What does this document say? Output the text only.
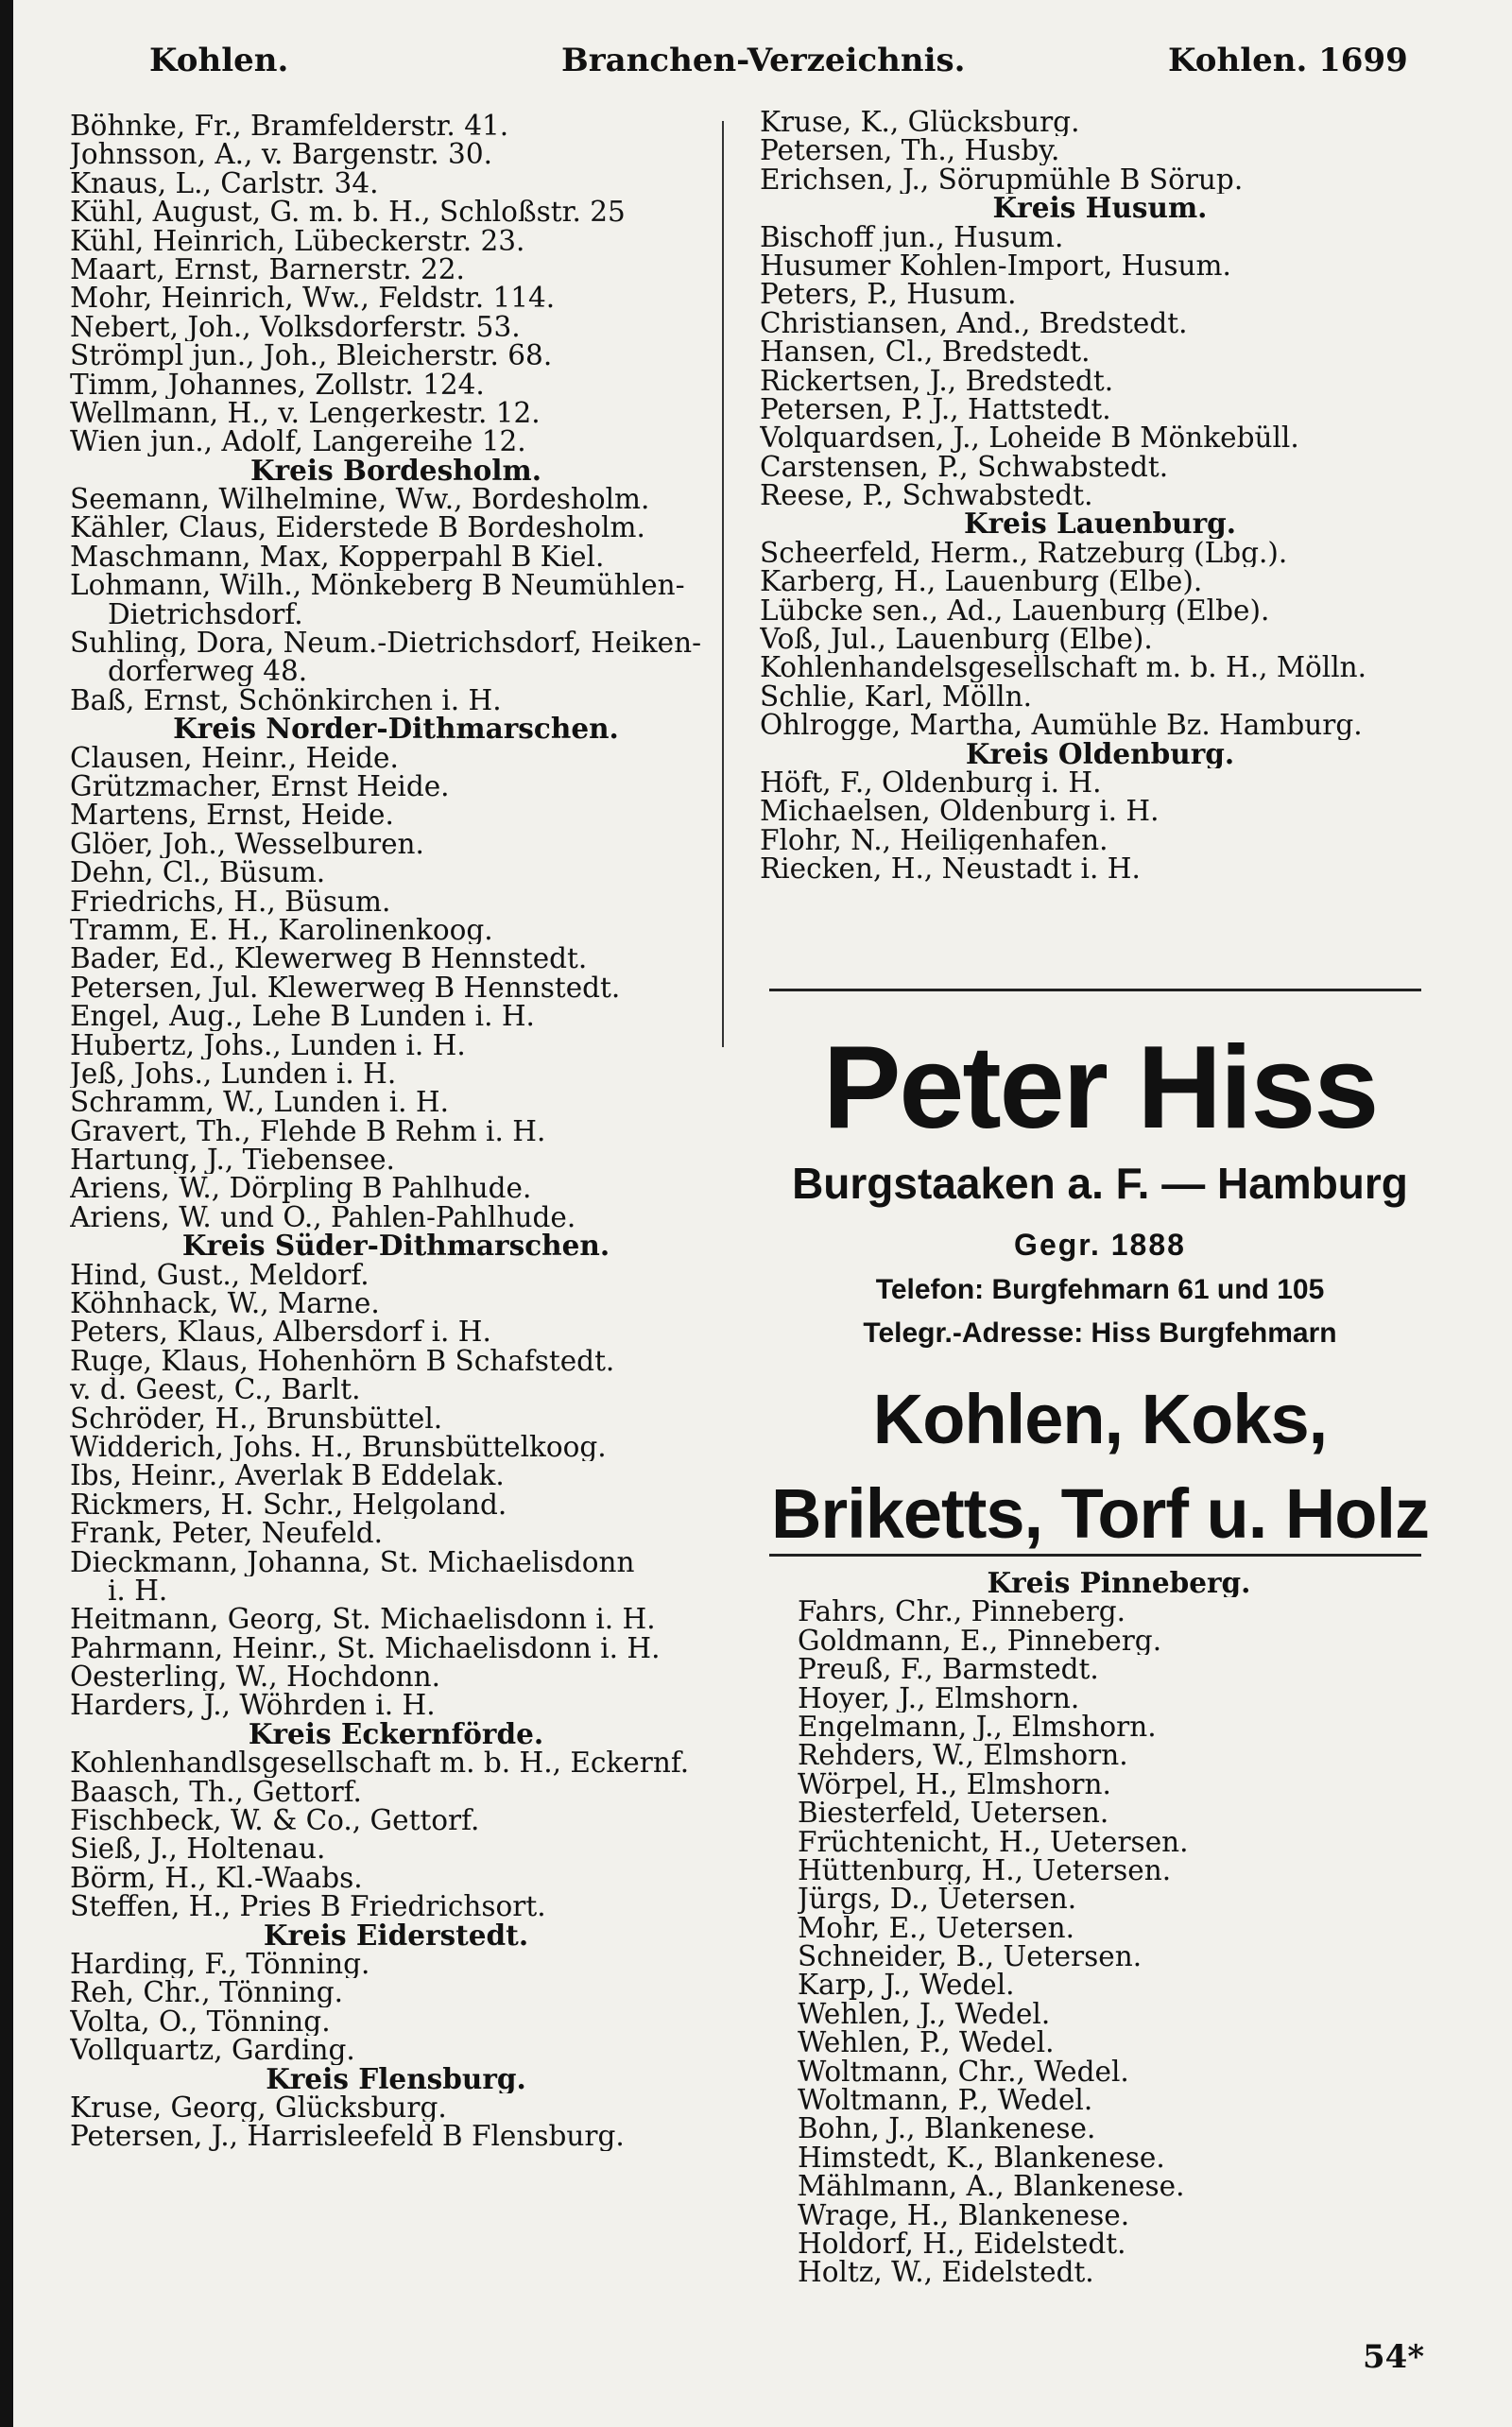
Kohlen.	Branchen-Verzeichnis.	Kohlen. 1699
Böhnke, Fr., Bramfelderstr. 41.
Johnsson, A., v. Bargenstr. 30.
Knaus, L., Carlstr. 34.
Kühl, August, G. m. b. H., Schloßstr. 25
Kühl, Heinrich, Lübeckerstr. 23.
Maart, Ernst, Barnerstr. 22.
Mohr, Heinrich, Ww., Feldstr. 114.
Nebert, Joh., Volksdorferstr. 53.
Strömpl jun., Joh., Bleicherstr. 68.
Timm, Johannes, Zollstr. 124.
Wellmann, H., v. Lengerkestr. 12.
Wien jun., Adolf, Langereihe 12.
Kreis Bordesholm.
Seemann, Wilhelmine, Ww., Bordesholm.
Kähler, Claus, Eiderstede B Bordesholm.
Maschmann, Max, Kopperpahl B Kiel.
Lohmann, Wilh., Mönkeberg B Neumühlen-
Dietrichsdorf.
Suhling, Dora, Neum.-Dietrichsdorf, Heiken-
dorferweg 48.
Baß, Ernst, Schönkirchen i. H.
Kreis Norder-Dithmarschen.
Clausen, Heinr., Heide.
Grützmacher, Ernst Heide.
Martens, Ernst, Heide.
Glöer, Joh., Wesselburen.
Dehn, Cl., Büsum.
Friedrichs, H., Büsum.
Tramm, E. H., Karolinenkoog.
Bader, Ed., Klewerweg B Hennstedt.
Petersen, Jul. Klewerweg B Hennstedt.
Engel, Aug., Lehe B Lunden i. H.
Hubertz, Johs., Lunden i. H.
Jeß, Johs., Lunden i. H.
Schramm, W., Lunden i. H.
Gravert, Th., Flehde B Rehm i. H.
Hartung, J., Tiebensee.
Ariens, W., Dörpling B Pahlhude.
Ariens, W. und O., Pahlen-Pahlhude.
Kreis Süder-Dithmarschen.
Hind, Gust., Meldorf.
Köhnhack, W., Marne.
Peters, Klaus, Albersdorf i. H.
Ruge, Klaus, Hohenhörn B Schafstedt.
v. d. Geest, C., Barlt.
Schröder, H., Brunsbüttel.
Widderich, Johs. H., Brunsbüttelkoog.
Ibs, Heinr., Averlak B Eddelak.
Rickmers, H. Schr., Helgoland.
Frank, Peter, Neufeld.
Dieckmann, Johanna, St. Michaelisdonn
i. H.
Heitmann, Georg, St. Michaelisdonn i. H.
Pahrmann, Heinr., St. Michaelisdonn i. H.
Oesterling, W., Hochdonn.
Harders, J., Wöhrden i. H.
Kreis Eckernförde.
Kohlenhandlsgesellschaft m. b. H., Eckernf.
Baasch, Th., Gettorf.
Fischbeck, W. & Co., Gettorf.
Sieß, J., Holtenau.
Börm, H., Kl.-Waabs.
Steffen, H., Pries B Friedrichsort.
Kreis Eiderstedt.
Harding, F., Tönning.
Reh, Chr., Tönning.
Volta, O., Tönning.
Vollquartz, Garding.
Kreis Flensburg.
Kruse, Georg, Glücksburg.
Petersen, J., Harrisleefeld B Flensburg.
Kruse, K., Glücksburg.
Petersen, Th., Husby.
Erichsen, J., Sörupmühle B Sörup.
Kreis Husum.
Bischoff jun., Husum.
Husumer Kohlen-Import, Husum.
Peters, P., Husum.
Christiansen, And., Bredstedt.
Hansen, Cl., Bredstedt.
Rickertsen, J., Bredstedt.
Petersen, P. J., Hattstedt.
Volquardsen, J., Loheide B Mönkebüll.
Carstensen, P., Schwabstedt.
Reese, P., Schwabstedt.
Kreis Lauenburg.
Scheerfeld, Herm., Ratzeburg (Lbg.).
Karberg, H., Lauenburg (Elbe).
Lübcke sen., Ad., Lauenburg (Elbe).
Voß, Jul., Lauenburg (Elbe).
Kohlenhandelsgesellschaft m. b. H., Mölln.
Schlie, Karl, Mölln.
Ohlrogge, Martha, Aumühle Bz. Hamburg.
Kreis Oldenburg.
Höft, F., Oldenburg i. H.
Michaelsen, Oldenburg i. H.
Flohr, N., Heiligenhafen.
Riecken, H., Neustadt i. H.
Peter Hiss
Burgstaaken a. F. — Hamburg
Gegr. 1888
Telefon: Burgfehmarn 61 und 105
Telegr.-Adresse: Hiss Burgfehmarn
Kohlen, Koks,
Briketts, Torf u. Holz
Kreis Pinneberg.
Fahrs, Chr., Pinneberg.
Goldmann, E., Pinneberg.
Preuß, F., Barmstedt.
Hoyer, J., Elmshorn.
Engelmann, J., Elmshorn.
Rehders, W., Elmshorn.
Wörpel, H., Elmshorn.
Biesterfeld, Uetersen.
Früchtenicht, H., Uetersen.
Hüttenburg, H., Uetersen.
Jürgs, D., Uetersen.
Mohr, E., Uetersen.
Schneider, B., Uetersen.
Karp, J., Wedel.
Wehlen, J., Wedel.
Wehlen, P., Wedel.
Woltmann, Chr., Wedel.
Woltmann, P., Wedel.
Bohn, J., Blankenese.
Himstedt, K., Blankenese.
Mählmann, A., Blankenese.
Wrage, H., Blankenese.
Holdorf, H., Eidelstedt.
Holtz, W., Eidelstedt.
54*
